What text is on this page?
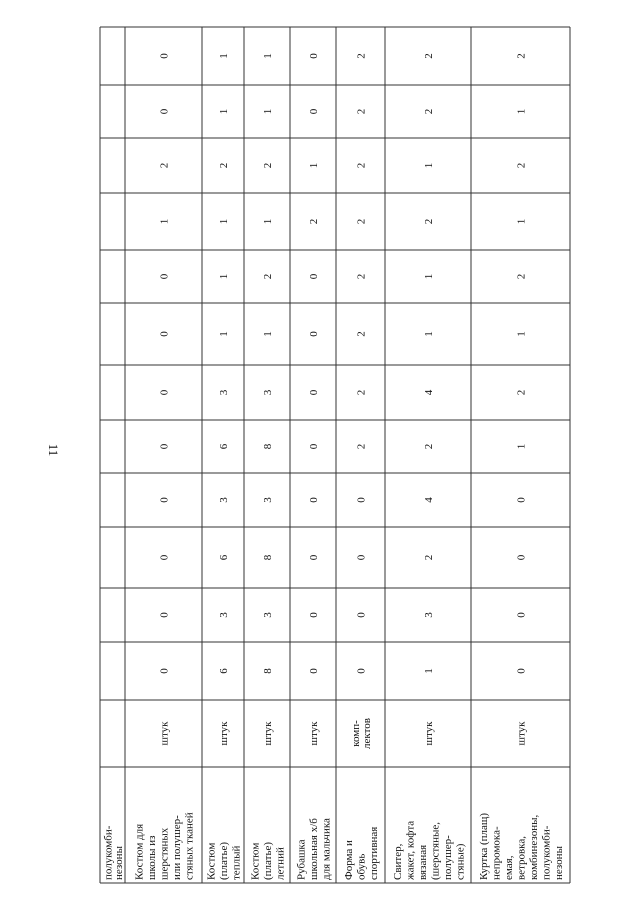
11
полукомби-
незоны Костюм для школы из шерстяных или полушер- стяных тканей
штук
0
0
0
0
0
0
0
0
1
2
0
0
Костюм (платье) теплый
штук
6
3
6
3
6
3
1
1
1
2
1
1
Костюм (платье) летний
штук
8
3
8
3
8
3
1
2
1
2
1
1
Рубашка школьная х/б для мальчика
штук
0
0
0
0
0
0
0
0
2
1
0
0
Форма и обувь спортивная
комп- лектов
0
0
0
0
2
2
2
2
2
2
2
2
Свитер, жакет, кофта вязаная (шерстяные, полушер- стяные)
штук
1
3
2
4
2
4
1
1
2
1
2
2
Куртка (плащ) непромока- емая, ветровка, комбинезоны, полукомби- незоны
штук
0
0
0
0
1
2
1
2
1
2
1
2
